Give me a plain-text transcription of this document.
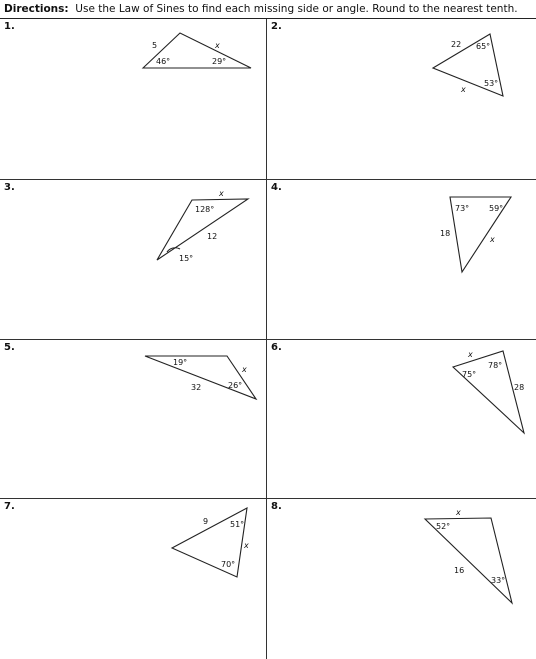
Directions: Use the Law of Sines to find each missing side or angle. Round to the nearest tenth.
1.	2.
3.	4.
5.	6.
7.	8.
5	x
46°	29°
22 65°
53°
x
x
128°
12
15°
73° 59°
18
x
19°
x
32	26°
x
78°
75°
28
9	51°
x
70°
x
52°
16
33°
